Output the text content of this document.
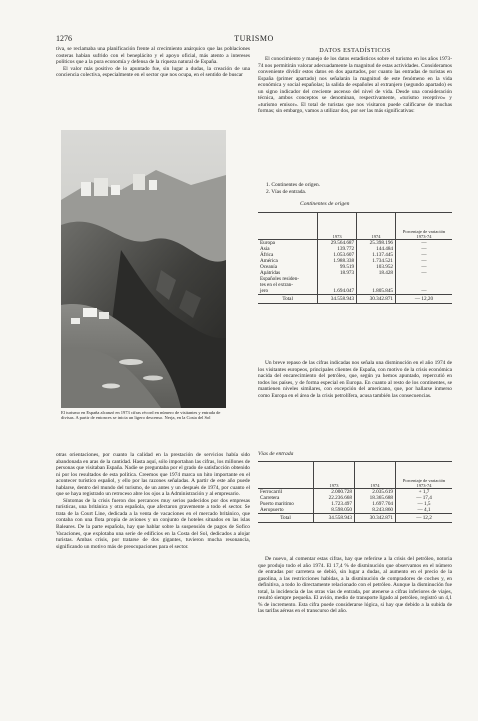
1276	TURISMO

tiva, se reclamaba una planificación frente al crecimiento anárquico que las poblaciones costeras habían sufrido con el beneplácito y el apoyo oficial, más atento a intereses políticos que a la pura economía y defensa de la riqueza natural de España.

El valor más positivo de lo apuntado fue, sin lugar a dudas, la creación de una conciencia colectiva, especialmente en el sector que nos ocupa, en el sentido de buscar

El turismo en España alcanzó en 1973 cifras récord en número de visitantes y entrada de divisas. A partir de entonces se inicia un ligero descenso. Nerja, en la Costa del Sol

otras orientaciones, por cuanto la calidad en la prestación de servicios había sido abandonada en aras de la cantidad. Hasta aquí, sólo importaban las cifras, los millones de personas que visitaban España. Nadie se preguntaba por el grado de satisfacción obtenido ni por los resultados de esta política. Creemos que 1974 marca un hito importante en el acontecer turístico español, y ello por las razones señaladas. A partir de este año puede hablarse, dentro del mundo del turismo, de un antes y un después de 1974, por cuanto el que se haya registrado un retroceso abre los ojos a la Administración y al empresario.

Síntomas de la crisis fueron dos percances muy serios padecidos por dos empresas turísticas, una británica y otra española, que afectaron gravemente a todo el sector. Se trata de la Court Line, dedicada a la venta de vacaciones en el mercado británico, que contaba con una flota propia de aviones y un conjunto de hoteles situados en las islas Baleares. De la parte española, hay que hablar sobre la suspensión de pagos de Sofico Vacaciones, que explotaba una serie de edificios en la Costa del Sol, dedicados a alojar turistas. Ambas crisis, por tratarse de dos gigantes, tuvieron mucha resonancia, significando un motivo más de preocupaciones para el sector.

DATOS ESTADÍSTICOS

El conocimiento y manejo de los datos estadísticos sobre el turismo en los años 1973-74 nos permitirán valorar adecuadamente la magnitud de estas actividades. Consideramos conveniente dividir estos datos en dos apartados, por cuanto las entradas de turistas en España (primer apartado) nos señalarán la magnitud de este fenómeno en la vida económica y social españolas; la salida de españoles al extranjero (segundo apartado) es un signo indicador del creciente ascenso del nivel de vida. Desde una consideración técnica, ambos conceptos se denominan, respectivamente, «turismo receptivo» y «turismo emisor». El total de turistas que nos visitaron puede calificarse de muchas formas; sin embargo, vamos a utilizar dos, por ser las más significativas:

1. Continentes de origen.
2. Vías de entrada.
Continentes de origen
	1973	1974	Porcentaje de variación 1973-74
Europa	29.564.687	25.398.196	—
Asia	139.772	144.484	—
África	1.053.607	1.137.445	—
América	1.988.338	1.734.521	—
Oceanía	99.519	103.952	—
Apátridas	18.973	18.428	—
Españoles residen-			
tes en el extran-			
jero	1.694.047	1.805.845	—
Total	34.558.943	30.342.871	— 12,20

Un breve repaso de las cifras indicadas nos señala una disminución en el año 1974 de los visitantes europeos, principales clientes de España, con motivo de la crisis económica nacida del encarecimiento del petróleo, que, según ya hemos apuntado, repercutió en todos los países, y de forma especial en Europa. En cuanto al resto de los continentes, se mantienen niveles similares, con excepción del americano, que, por hallarse inmerso como Europa en el área de la crisis petrolífera, acusa también las consecuencias.

Vías de entrada
	1973	1974	Porcentaje de variación 1973-74
Ferrocarril	2.000.728	2.035.619	+ 1,7
Carretera	22.236.668	18.365.688	— 17,4
Puerto marítimo	1.723.497	1.697.704	— 1,5
Aeropuerto	8.598.050	8.243.860	— 4,1
Total	34.558.943	30.342.871	— 12,2

De nuevo, al comentar estas cifras, hay que referirse a la crisis del petróleo, notoria que produjo todo el año 1974. El 17,4 % de disminución que observamos en el número de entradas por carretera se debió, sin lugar a dudas, al aumento en el precio de la gasolina, a las restricciones habidas, a la disminución de compradores de coches y, en definitiva, a todo lo directamente relacionado con el petróleo. Aunque la disminución fue total, la incidencia de las otras vías de entrada, por atenerse a cifras inferiores de viajes, resultó siempre pequeña. El avión, medio de transporte ligado al petróleo, registró un 4,1 % de incremento. Esta cifra puede considerarse lógica, si hay que debido a la subida de las tarifas aéreas en el transcurso del año.
